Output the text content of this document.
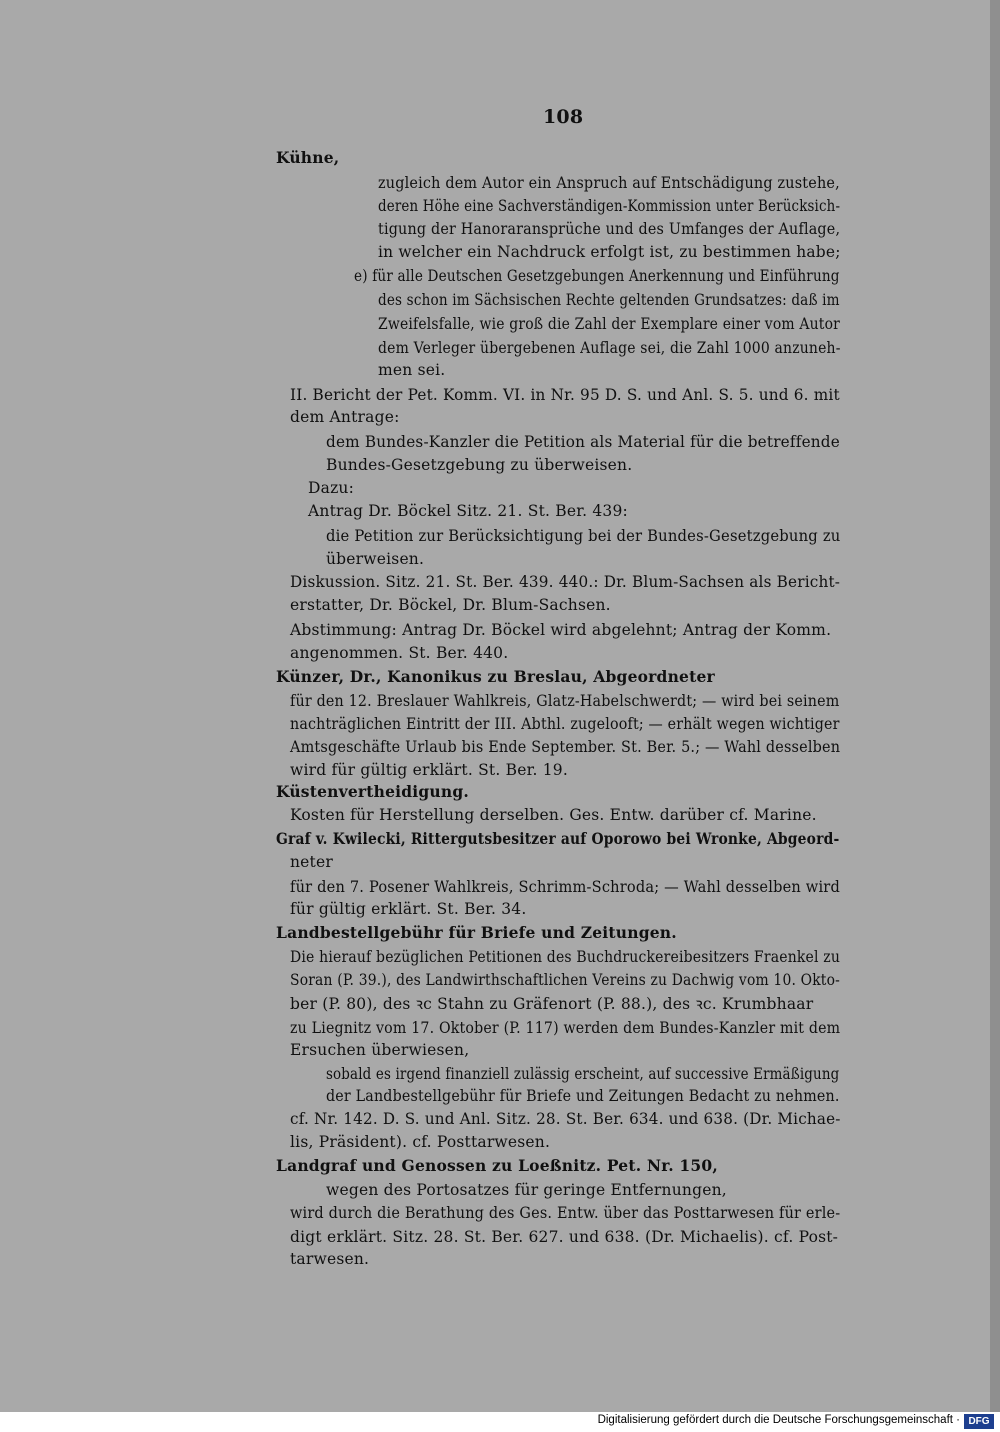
108
Kühne,
zugleich dem Autor ein Anspruch auf Entschädigung zustehe,
deren Höhe eine Sachverständigen-Kommission unter Berücksich-
tigung der Hanoraransprüche und des Umfanges der Auflage,
in welcher ein Nachdruck erfolgt ist, zu bestimmen habe;
e) für alle Deutschen Gesetzgebungen Anerkennung und Einführung
des schon im Sächsischen Rechte geltenden Grundsatzes: daß im
Zweifelsfalle, wie groß die Zahl der Exemplare einer vom Autor
dem Verleger übergebenen Auflage sei, die Zahl 1000 anzuneh-
men sei.
II. Bericht der Pet. Komm. VI. in Nr. 95 D. S. und Anl. S. 5. und 6. mit
dem Antrage:
dem Bundes-Kanzler die Petition als Material für die betreffende
Bundes-Gesetzgebung zu überweisen.
Dazu:
Antrag Dr. Böckel Sitz. 21. St. Ber. 439:
die Petition zur Berücksichtigung bei der Bundes-Gesetzgebung zu
überweisen.
Diskussion. Sitz. 21. St. Ber. 439. 440.: Dr. Blum-Sachsen als Bericht-
erstatter, Dr. Böckel, Dr. Blum-Sachsen.
Abstimmung: Antrag Dr. Böckel wird abgelehnt; Antrag der Komm.
angenommen. St. Ber. 440.
Künzer, Dr., Kanonikus zu Breslau, Abgeordneter
für den 12. Breslauer Wahlkreis, Glatz-Habelschwerdt; — wird bei seinem
nachträglichen Eintritt der III. Abthl. zugelooft; — erhält wegen wichtiger
Amtsgeschäfte Urlaub bis Ende September. St. Ber. 5.; — Wahl desselben
wird für gültig erklärt. St. Ber. 19.
Küstenvertheidigung.
Kosten für Herstellung derselben. Ges. Entw. darüber cf. Marine.
Graf v. Kwilecki, Rittergutsbesitzer auf Oporowo bei Wronke, Abgeord-
neter
für den 7. Posener Wahlkreis, Schrimm-Schroda; — Wahl desselben wird
für gültig erklärt. St. Ber. 34.
Landbestellgebühr für Briefe und Zeitungen.
Die hierauf bezüglichen Petitionen des Buchdruckereibesitzers Fraenkel zu
Soran (P. 39.), des Landwirthschaftlichen Vereins zu Dachwig vom 10. Okto-
ber (P. 80), des ꝛc Stahn zu Gräfenort (P. 88.), des ꝛc. Krumbhaar
zu Liegnitz vom 17. Oktober (P. 117) werden dem Bundes-Kanzler mit dem
Ersuchen überwiesen,
sobald es irgend finanziell zulässig erscheint, auf successive Ermäßigung
der Landbestellgebühr für Briefe und Zeitungen Bedacht zu nehmen.
cf. Nr. 142. D. S. und Anl. Sitz. 28. St. Ber. 634. und 638. (Dr. Michae-
lis, Präsident). cf. Posttarwesen.
Landgraf und Genossen zu Loeßnitz. Pet. Nr. 150,
wegen des Portosatzes für geringe Entfernungen,
wird durch die Berathung des Ges. Entw. über das Posttarwesen für erle-
digt erklärt. Sitz. 28. St. Ber. 627. und 638. (Dr. Michaelis). cf. Post-
tarwesen.
Digitalisierung gefördert durch die Deutsche Forschungsgemeinschaft · DFG
